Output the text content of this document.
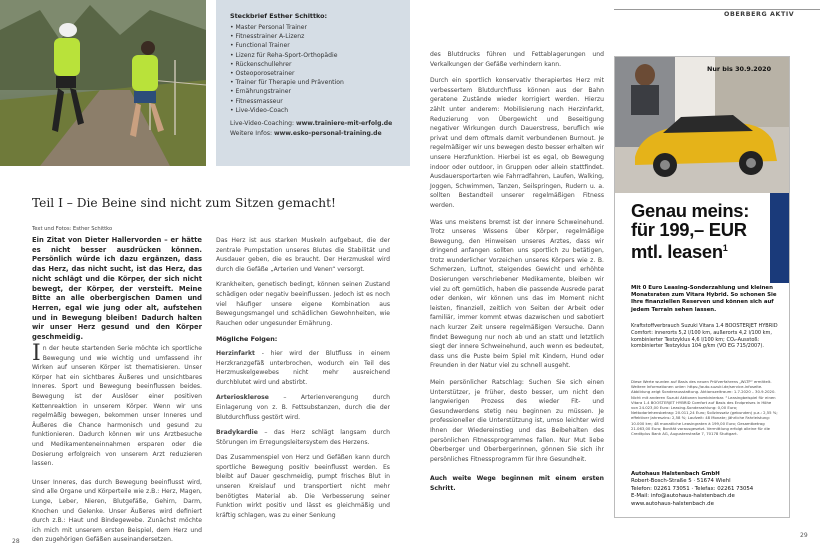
Steckbrief Esther Schittko:
• Master Personal Trainer
• Fitnesstrainer A-Lizenz
• Functional Trainer
• Lizenz für Reha-Sport-Orthopädie
• Rückenschullehrer
• Osteoporosetrainer
• Trainer für Therapie und Prävention
• Ernährungstrainer
• Fitnessmasseur
• Live-Video-Coach
Live-Video-Coaching: www.trainiere-mit-erfolg.de
Weitere Infos: www.esko-personal-training.de
Teil I – Die Beine sind nicht zum Sitzen gemacht!
Text und Fotos: Esther Schittko

Ein Zitat von Dieter Hallervorden – er hätte es nicht besser ausdrücken können. Persönlich würde ich dazu ergänzen, dass das Herz, das nicht sucht, ist das Herz, das nicht schlägt und die Körper, der sich nicht bewegt, der Körper, der versteift. Meine Bitte an alle oberbergischen Damen und Herren, egal wie jung oder alt, aufstehen und in Bewegung bleiben! Dadurch halten wir unser Herz gesund und den Körper geschmeidig.

In der heute startenden Serie möchte ich sportliche Bewegung und wie wichtig und umfassend ihr Wirken auf unseren Körper ist thematisieren. Unser Körper hat ein sichtbares Äußeres und unsichtbares Inneres. Sport und Bewegung beeinflussen beides. Bewegung ist der Auslöser einer positiven Kettenreaktion in unserem Körper. Wenn wir uns regelmäßig bewegen, bekommen unser Inneres und Äußeres die Chance harmonisch und gesund zu funktionieren. Dadurch können wir uns Arztbesuche und Medikamenteneinnahmen ersparen oder die Dosierung erfolgreich von unserem Arzt reduzieren lassen.

Unser Inneres, das durch Bewegung beeinflusst wird, sind alle Organe und Körperteile wie z.B.: Herz, Magen, Lunge, Leber, Nieren, Blutgefäße, Gehirn, Darm, Knochen und Gelenke. Unser Äußeres wird definiert durch z.B.: Haut und Bindegewebe. Zunächst möchte ich mich mit unserem ersten Beispiel, dem Herz und den zugehörigen Gefäßen auseinandersetzen.

Das Herz ist aus starken Muskeln aufgebaut, die der zentrale Pumpstation unseres Blutes die Stabilität und Ausdauer geben, die es braucht. Der Herzmuskel wird durch die Gefäße „Arterien und Venen“ versorgt.

Krankheiten, genetisch bedingt, können seinen Zustand schädigen oder negativ beeinflussen. Jedoch ist es noch viel häufiger unsere eigene Kombination aus Bewegungsmangel und schädlichen Gewohnheiten, wie Rauchen oder ungesunder Ernährung.

Mögliche Folgen:

Herzinfarkt - hier wird der Blutfluss in einem Herzkranzgefäß unterbrochen, wodurch ein Teil des Herzmuskelgewebes nicht mehr ausreichend durchblutet wird und abstirbt.

Arteriosklerose – Arterienverengung durch Einlagerung von z. B. Fettsubstanzen, durch die der Blutdurchfluss gestört wird.

Bradykardie – das Herz schlägt langsam durch Störungen im Erregungsleitersystem des Herzens.

Das Zusammenspiel von Herz und Gefäßen kann durch sportliche Bewegung positiv beeinflusst werden. Es bleibt auf Dauer geschmeidig, pumpt frisches Blut in unseren Kreislauf und transportiert nicht mehr benötigtes Material ab. Die Verbesserung seiner Funktion wirkt positiv und lässt es gleichmäßig und kräftig schlagen, was zu einer Senkung

des Blutdrucks führen und Fettablagerungen und Verkalkungen der Gefäße verhindern kann.

Durch ein sportlich konservativ therapiertes Herz mit verbessertem Blutdurchfluss können aus der Bahn geratene Zustände wieder korrigiert werden. Hierzu zählt unter anderem: Mobilisierung nach Herzinfarkt, Reduzierung von Übergewicht und Beseitigung negativer Wirkungen durch Dauerstress, beruflich wie privat und dem oftmals damit verbundenen Burnout. Je regelmäßiger wir uns bewegen desto besser erhalten wir unsere Herzfunktion. Hierbei ist es egal, ob Bewegung indoor oder outdoor, in Gruppen oder allein stattfindet. Ausdauersportarten wie Fahrradfahren, Laufen, Walking, Joggen, Schwimmen, Tanzen, Seilspringen, Rudern u. a. sollten Bestandteil unserer regelmäßigen Fitness werden.

Was uns meistens bremst ist der innere Schweinehund. Trotz unseres Wissens über Körper, regelmäßige Bewegung, den Hinweisen unseres Arztes, dass wir dringend anfangen sollten uns sportlich zu betätigen, trotz wunderlicher Vorzeichen unseres Körpers wie z. B. Schmerzen, Luftnot, steigendes Gewicht und erhöhte Dosierungen verschriebener Medikamente, bleiben wir viel zu oft gemütlich, haben die passende Ausrede parat oder denken, wir können uns das im Moment nicht leisten, finanziell, zeitlich von Seiten der Arbeit oder familiär, immer kommt etwas dazwischen und sabotiert nach kurzer Zeit unsere regelmäßigen Versuche. Dann findet Bewegung nur noch ab und an statt und letztlich siegt der innere Schweinehund, auch wenn es bedeutet, dass uns die Puste beim Spiel mit Kindern, Hund oder Freunden in der Natur viel zu schnell ausgeht.

Mein persönlicher Ratschlag: Suchen Sie sich einen Unterstützer, je früher, desto besser, um nicht den langwierigen Prozess des wieder Fit- und Gesundwerdens stetig neu beginnen zu müssen. Je professioneller die Unterstützung ist, umso leichter wird Ihnen der Wiedereinstieg und das Beibehalten des persönlichen Fitnessprogrammes fallen. Nur Mut liebe Oberberger und Oberbergerinnen, gönnen Sie sich ihr persönliches Fitnessprogramm für Ihre Gesundheit.

Auch weite Wege beginnen mit einem ersten Schritt.

OBERBERG AKTIV
Nur bis 30.9.2020
Genau meins:
für 199,– EUR
mtl. leasen$^1$
Mit 0 Euro Leasing-Sonderzahlung und kleinen Monatsraten zum Vitara Hybrid. So schonen Sie Ihre finanziellen Reserven und können sich auf jedem Terrain sehen lassen.
Kraftstoffverbrauch Suzuki Vitara 1.4 BOOSTERJET HYBRID Comfort: innerorts 5,2 l/100 km, außerorts 4,2 l/100 km, kombinierter Testzyklus 4,6 l/100 km; CO₂-Ausstoß: kombinierter Testzyklus 104 g/km (VO EG 715/2007).
Diese Werte wurden auf Basis des neuen Prüfverfahrens „WLTP“ ermittelt. Weitere Informationen unter: https://auto.suzuki.de/service-infoseite. Abbildung zeigt Sonderausstattung. Aktionszeitraum: 1.7.2020 – 30.9.2020. Nicht mit anderen Suzuki Aktionen kombinierbar. ¹ Leasingbeispiel für einen Vitara 1.4 BOOSTERJET HYBRID Comfort auf Basis des Endpreises in Höhe von 24.023,00 Euro: Leasing-Sonderzahlung: 0,00 Euro; Nettodarlehensbetrag: 20.011,24 Euro; Sollzinssatz (gebunden) p.a.: 2,55 %; effektiver Jahreszins: 2,58 %; Laufzeit: 48 Monate; jährliche Fahrleistung: 10.000 km; 48 monatliche Leasingraten à 199,00 Euro; Gesamtbetrag 21.063,00 Euro; Bonität vorausgesetzt. Vermittlung erfolgt alleine für die Creditplus Bank AG, Augustenstraße 7, 70178 Stuttgart.
Autohaus Halstenbach GmbH
Robert-Bosch-Straße 5 · 51674 Wiehl
Telefon: 02261 73051 · Telefax: 02261 73054
E-Mail: info@autohaus-halstenbach.de
www.autohaus-halstenbach.de
28
29
